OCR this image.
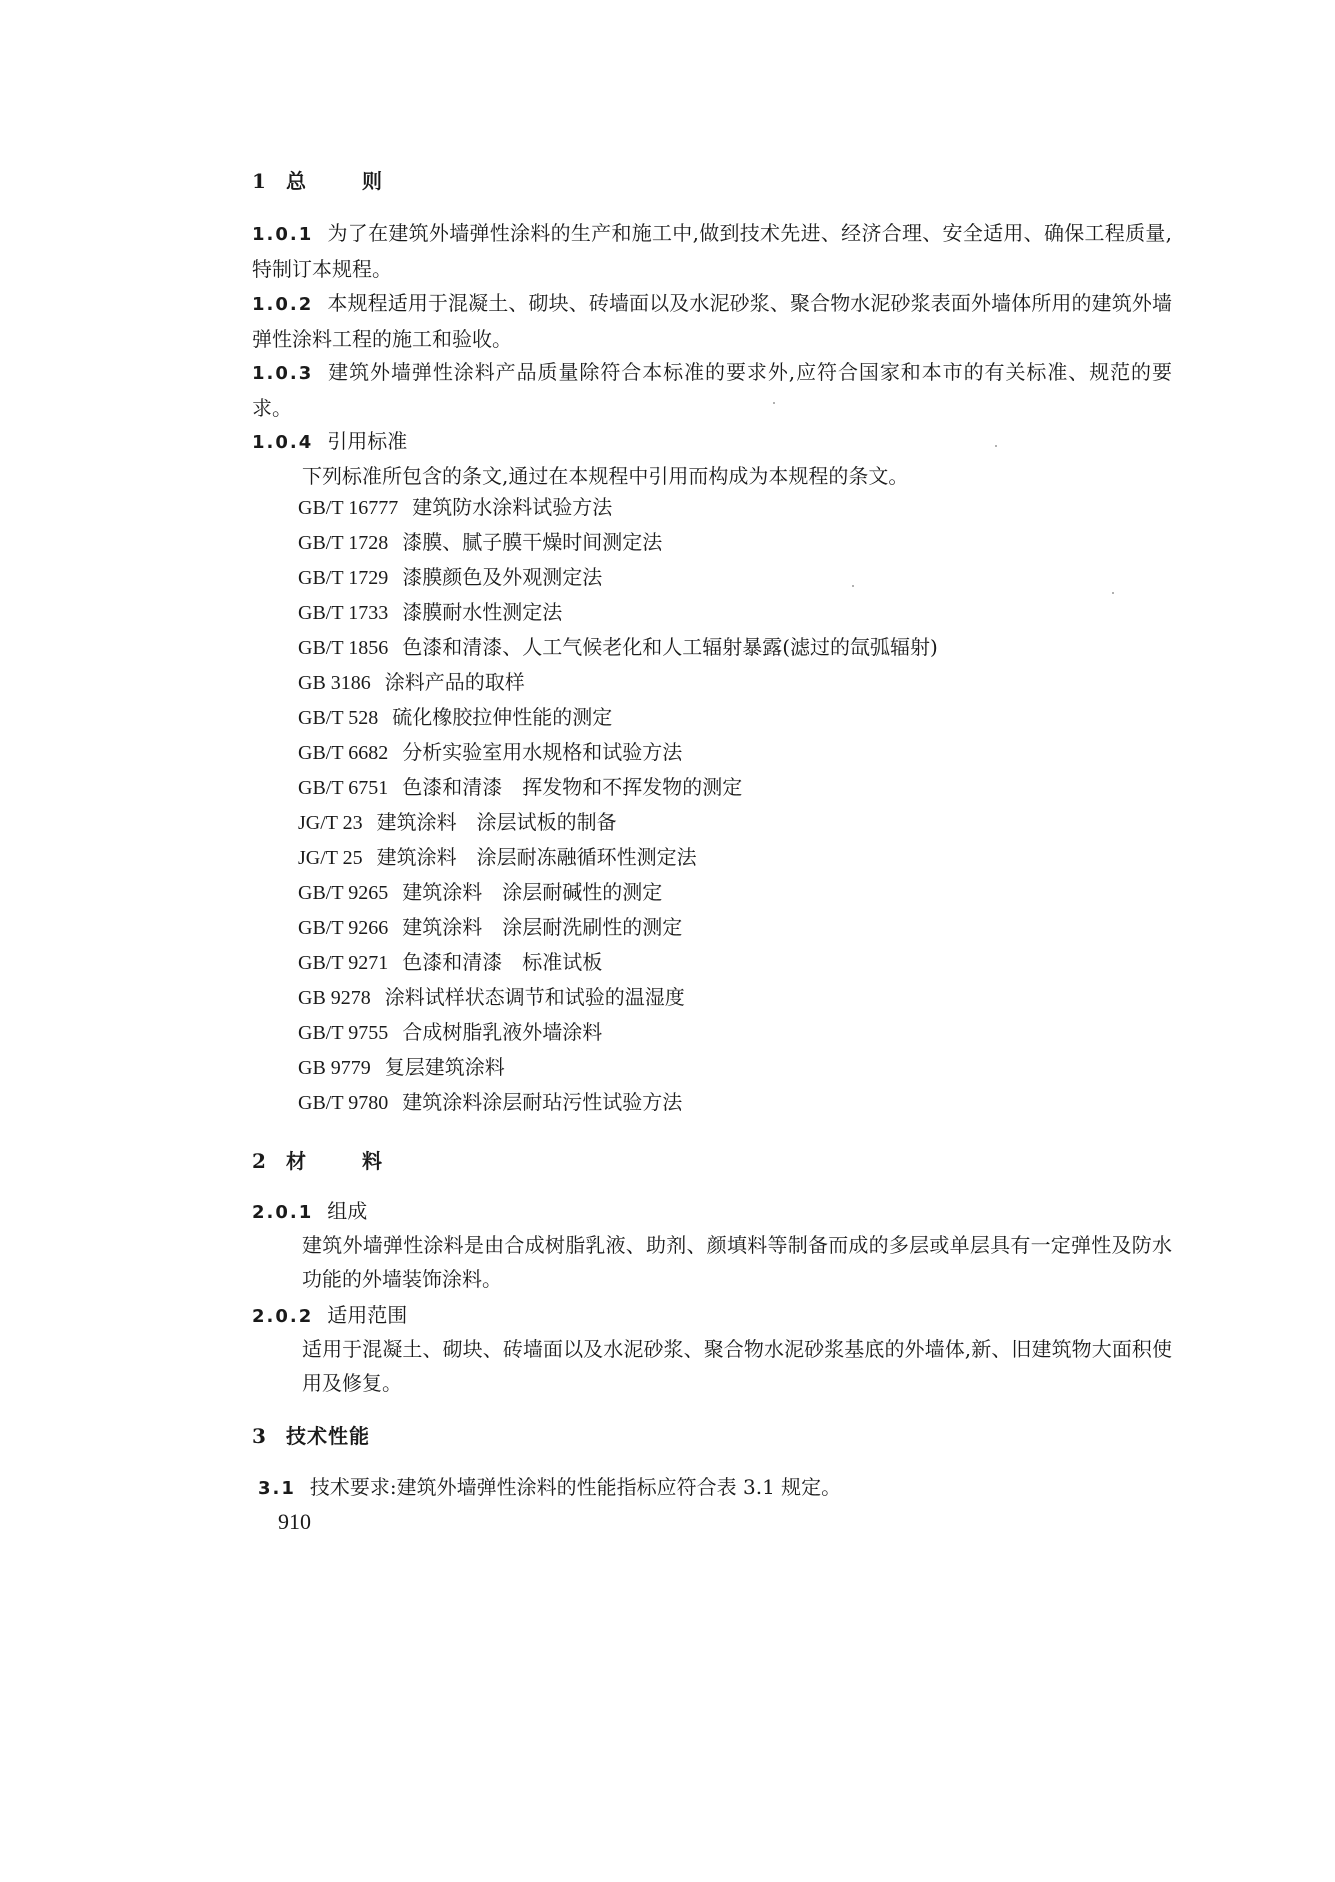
1 总　则
1.0.1 为了在建筑外墙弹性涂料的生产和施工中,做到技术先进、经济合理、安全适用、确保工程质量,特制订本规程。
1.0.2 本规程适用于混凝土、砌块、砖墙面以及水泥砂浆、聚合物水泥砂浆表面外墙体所用的建筑外墙弹性涂料工程的施工和验收。
1.0.3 建筑外墙弹性涂料产品质量除符合本标准的要求外,应符合国家和本市的有关标准、规范的要求。
1.0.4 引用标准
下列标准所包含的条文,通过在本规程中引用而构成为本规程的条文。
GB/T 16777 建筑防水涂料试验方法
GB/T 1728 漆膜、腻子膜干燥时间测定法
GB/T 1729 漆膜颜色及外观测定法
GB/T 1733 漆膜耐水性测定法
GB/T 1856 色漆和清漆、人工气候老化和人工辐射暴露(滤过的氙弧辐射)
GB 3186 涂料产品的取样
GB/T 528 硫化橡胶拉伸性能的测定
GB/T 6682 分析实验室用水规格和试验方法
GB/T 6751 色漆和清漆　挥发物和不挥发物的测定
JG/T 23 建筑涂料　涂层试板的制备
JG/T 25 建筑涂料　涂层耐冻融循环性测定法
GB/T 9265 建筑涂料　涂层耐碱性的测定
GB/T 9266 建筑涂料　涂层耐洗刷性的测定
GB/T 9271 色漆和清漆　标准试板
GB 9278 涂料试样状态调节和试验的温湿度
GB/T 9755 合成树脂乳液外墙涂料
GB 9779 复层建筑涂料
GB/T 9780 建筑涂料涂层耐玷污性试验方法
2 材　料
2.0.1 组成
建筑外墙弹性涂料是由合成树脂乳液、助剂、颜填料等制备而成的多层或单层具有一定弹性及防水功能的外墙装饰涂料。
2.0.2 适用范围
适用于混凝土、砌块、砖墙面以及水泥砂浆、聚合物水泥砂浆基底的外墙体,新、旧建筑物大面积使用及修复。
3 技术性能
3.1 技术要求:建筑外墙弹性涂料的性能指标应符合表 3.1 规定。
910
